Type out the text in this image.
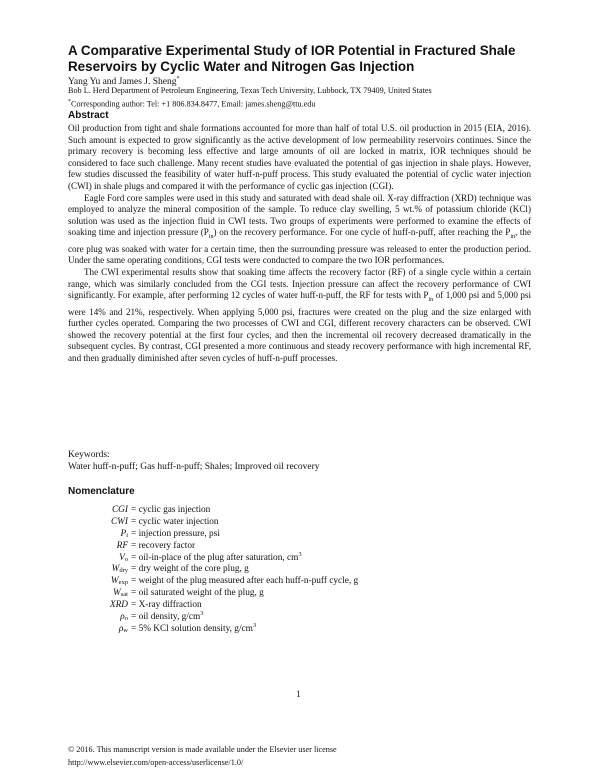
A Comparative Experimental Study of IOR Potential in Fractured Shale Reservoirs by Cyclic Water and Nitrogen Gas Injection
Yang Yu and James J. Sheng*
Bob L. Herd Department of Petroleum Engineering, Texas Tech University, Lubbock, TX 79409, United States
*Corresponding author: Tel: +1 806.834.8477, Email: james.sheng@ttu.edu
Abstract

Oil production from tight and shale formations accounted for more than half of total U.S. oil production in 2015 (EIA, 2016). Such amount is expected to grow significantly as the active development of low permeability reservoirs continues. Since the primary recovery is becoming less effective and large amounts of oil are locked in matrix, IOR techniques should be considered to face such challenge. Many recent studies have evaluated the potential of gas injection in shale plays. However, few studies discussed the feasibility of water huff-n-puff process. This study evaluated the potential of cyclic water injection (CWI) in shale plugs and compared it with the performance of cyclic gas injection (CGI).

Eagle Ford core samples were used in this study and saturated with dead shale oil. X-ray diffraction (XRD) technique was employed to analyze the mineral composition of the sample. To reduce clay swelling, 5 wt.% of potassium chloride (KCl) solution was used as the injection fluid in CWI tests. Two groups of experiments were performed to examine the effects of soaking time and injection pressure $(P_{in})$ on the recovery performance. For one cycle of huff-n-puff, after reaching the $P_{in}$, the core plug was soaked with water for a certain time, then the surrounding pressure was released to enter the production period. Under the same operating conditions, CGI tests were conducted to compare the two IOR performances.

The CWI experimental results show that soaking time affects the recovery factor (RF) of a single cycle within a certain range, which was similarly concluded from the CGI tests. Injection pressure can affect the recovery performance of CWI significantly. For example, after performing 12 cycles of water huff-n-puff, the RF for tests with $P_{in}$ of 1,000 psi and 5,000 psi were 14% and 21%, respectively. When applying 5,000 psi, fractures were created on the plug and the size enlarged with further cycles operated. Comparing the two processes of CWI and CGI, different recovery characters can be observed. CWI showed the recovery potential at the first four cycles, and then the incremental oil recovery decreased dramatically in the subsequent cycles. By contrast, CGI presented a more continuous and steady recovery performance with high incremental RF, and then gradually diminished after seven cycles of huff-n-puff processes.

Keywords:
Water huff-n-puff; Gas huff-n-puff; Shales; Improved oil recovery
Nomenclature
CGI = cyclic gas injection
CWI = cyclic water injection
$P_i$ = injection pressure, psi
RF = recovery factor
$V_o$ = oil-in-place of the plug after saturation, $cm^3$
$W_{dry}$ = dry weight of the core plug, g
$W_{exp}$ = weight of the plug measured after each huff-n-puff cycle, g
$W_{sat}$ = oil saturated weight of the plug, g
XRD = X-ray diffraction
$\rho_o$ = oil density, $g/cm^3$
$\rho_w = 5\%$ KCl solution density, $g/cm^3$
1
© 2016. This manuscript version is made available under the Elsevier user license
http://www.elsevier.com/open-access/userlicense/1.0/
